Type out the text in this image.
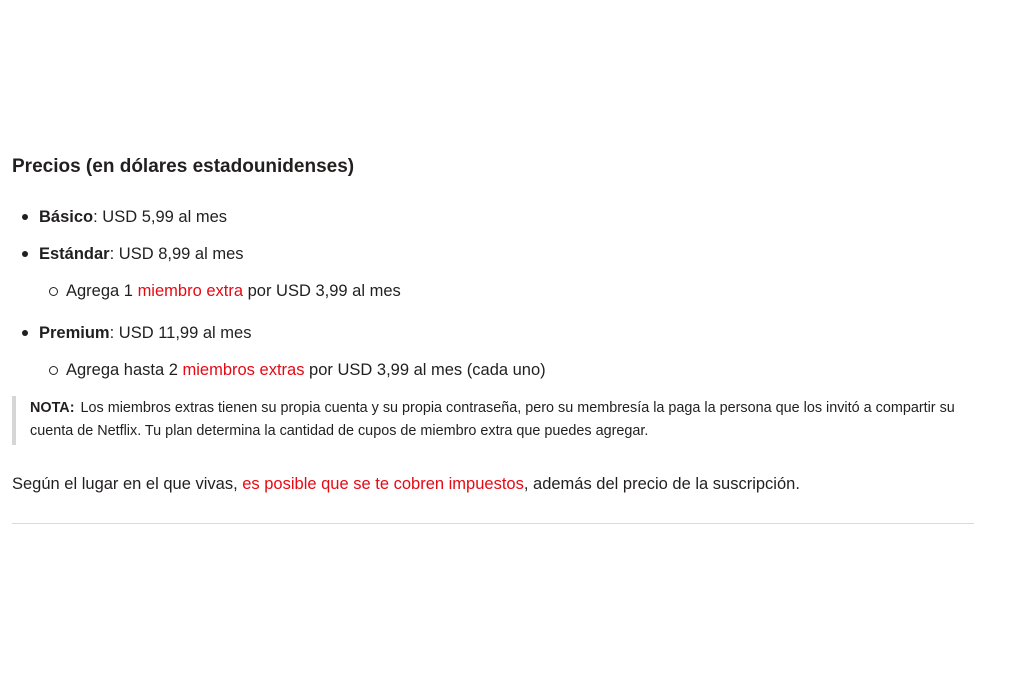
Precios (en dólares estadounidenses)
Básico: USD 5,99 al mes
Estándar: USD 8,99 al mes
Agrega 1 miembro extra por USD 3,99 al mes
Premium: USD 11,99 al mes
Agrega hasta 2 miembros extras por USD 3,99 al mes (cada uno)
NOTA: Los miembros extras tienen su propia cuenta y su propia contraseña, pero su membresía la paga la persona que los invitó a compartir su cuenta de Netflix. Tu plan determina la cantidad de cupos de miembro extra que puedes agregar.

Según el lugar en el que vivas, es posible que se te cobren impuestos, además del precio de la suscripción.
